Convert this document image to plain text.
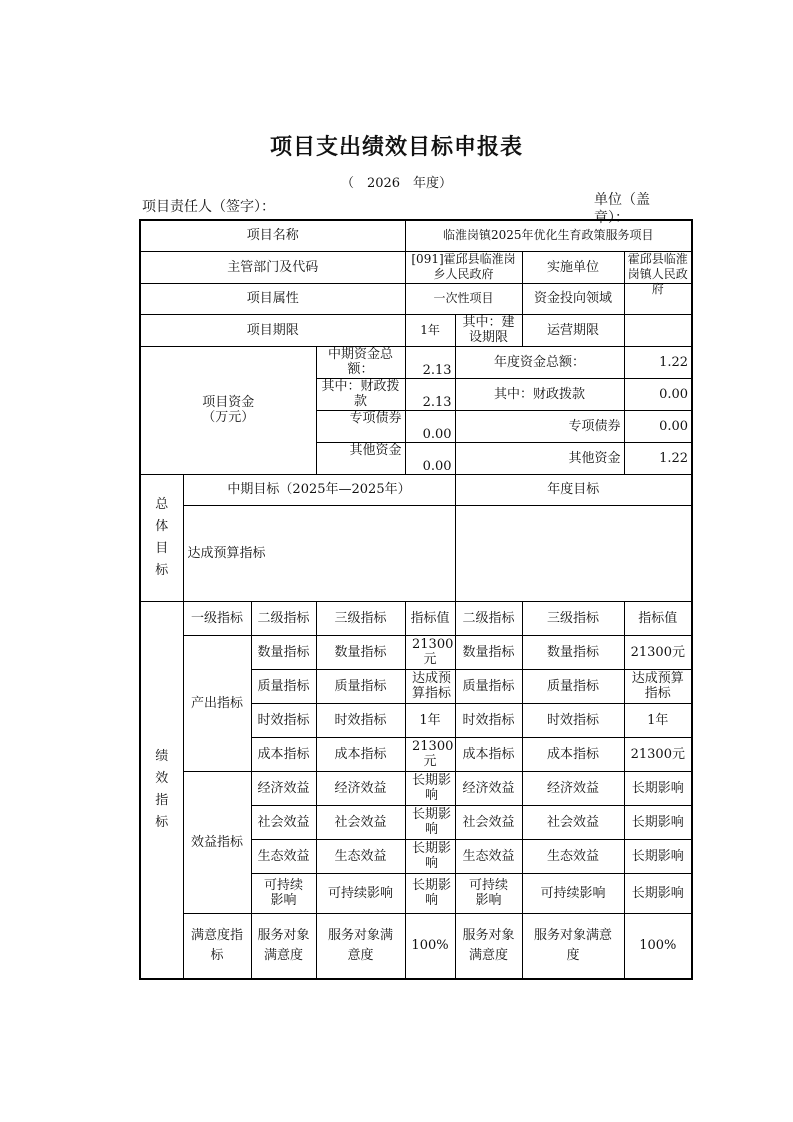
项目支出绩效目标申报表
（　2026　年度）
项目责任人（签字）：	单位（盖章）：
项目名称				临淮岗镇2025年优化生育政策服务项目			
主管部门及代码				[091]霍邱县临淮岗乡人民政府		实施单位	霍邱县临淮岗镇人民政府

项目属性				一次性项目		资金投向领域	
项目期限				1年	其中：建设期限	运营期限	

项目资金（万元）			中期资金总额：	2.13	年度资金总额：		1.22

			其中：财政拨款	2.13	其中：财政拨款		0.00

			专项债券	0.00	专项债券		0.00

			其他资金	0.00	其他资金		1.22

总体目标	中期目标（2025年—2025年）				年度目标		
	达成预算指标						

绩效指标	一级指标	二级指标	三级指标	指标值	二级指标	三级指标	指标值
	产出指标	数量指标	数量指标	21300元	数量指标	数量指标	21300元
		质量指标	质量指标	达成预算指标	质量指标	质量指标	达成预算指标

		时效指标	时效指标	1年	时效指标	时效指标	1年
		成本指标	成本指标	21300元	成本指标	成本指标	21300元
	效益指标	经济效益	经济效益	长期影响	经济效益	经济效益	长期影响
		社会效益	社会效益	长期影响	社会效益	社会效益	长期影响
		生态效益	生态效益	长期影响	生态效益	生态效益	长期影响

		可持续影响	可持续影响	长期影响	可持续影响	可持续影响	长期影响

	满意度指标	服务对象满意度	服务对象满意度	100%	服务对象满意度	服务对象满意度	100%
